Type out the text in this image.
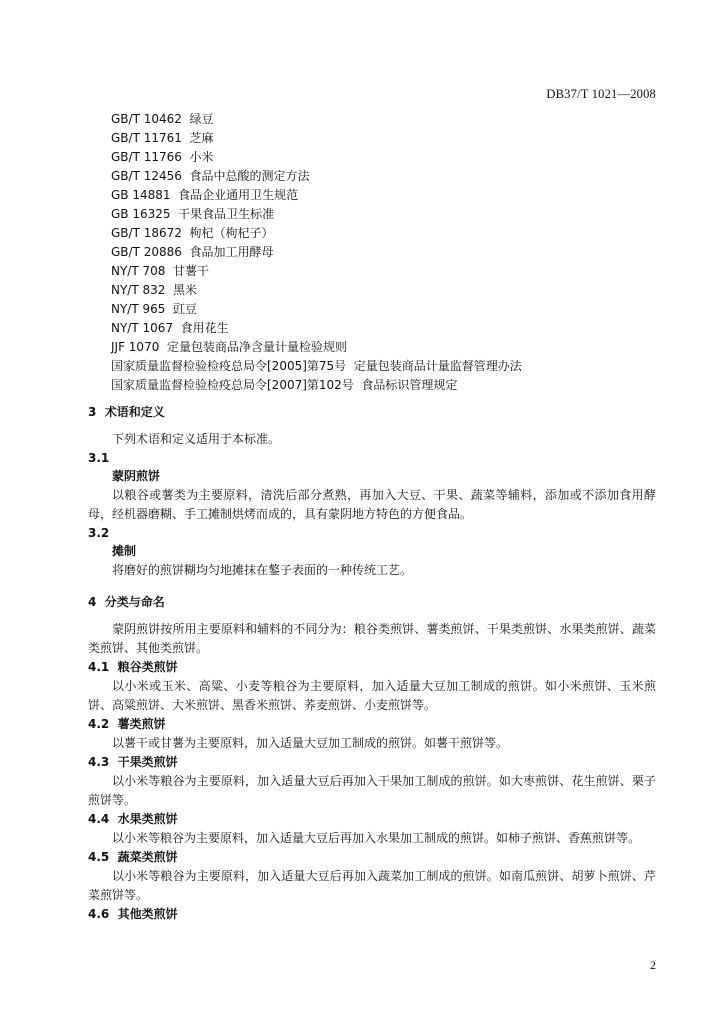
DB37/T 1021—2008
GB/T 10462  绿豆
GB/T 11761  芝麻
GB/T 11766  小米
GB/T 12456  食品中总酸的测定方法
GB 14881  食品企业通用卫生规范
GB 16325  干果食品卫生标准
GB/T 18672  枸杞（枸杞子）
GB/T 20886  食品加工用酵母
NY/T 708  甘薯干
NY/T 832  黑米
NY/T 965  豇豆
NY/T 1067  食用花生
JJF 1070  定量包装商品净含量计量检验规则
国家质量监督检验检疫总局令[2005]第75号  定量包装商品计量监督管理办法
国家质量监督检验检疫总局令[2007]第102号  食品标识管理规定
3  术语和定义

下列术语和定义适用于本标准。

3.1
蒙阴煎饼

以粮谷或薯类为主要原料，清洗后部分煮熟，再加入大豆、干果、蔬菜等辅料，添加或不添加食用酵母，经机器磨糊、手工摊制烘烤而成的，具有蒙阴地方特色的方便食品。

3.2
摊制

将磨好的煎饼糊均匀地摊抹在鏊子表面的一种传统工艺。

4  分类与命名

蒙阴煎饼按所用主要原料和辅料的不同分为：粮谷类煎饼、薯类煎饼、干果类煎饼、水果类煎饼、蔬菜类煎饼、其他类煎饼。

4.1  粮谷类煎饼

以小米或玉米、高粱、小麦等粮谷为主要原料，加入适量大豆加工制成的煎饼。如小米煎饼、玉米煎饼、高粱煎饼、大米煎饼、黑香米煎饼、荞麦煎饼、小麦煎饼等。

4.2  薯类煎饼

以薯干或甘薯为主要原料，加入适量大豆加工制成的煎饼。如薯干煎饼等。

4.3  干果类煎饼

以小米等粮谷为主要原料，加入适量大豆后再加入干果加工制成的煎饼。如大枣煎饼、花生煎饼、栗子煎饼等。

4.4  水果类煎饼

以小米等粮谷为主要原料，加入适量大豆后再加入水果加工制成的煎饼。如柿子煎饼、香蕉煎饼等。

4.5  蔬菜类煎饼

以小米等粮谷为主要原料，加入适量大豆后再加入蔬菜加工制成的煎饼。如南瓜煎饼、胡萝卜煎饼、芹菜煎饼等。

4.6  其他类煎饼
2
